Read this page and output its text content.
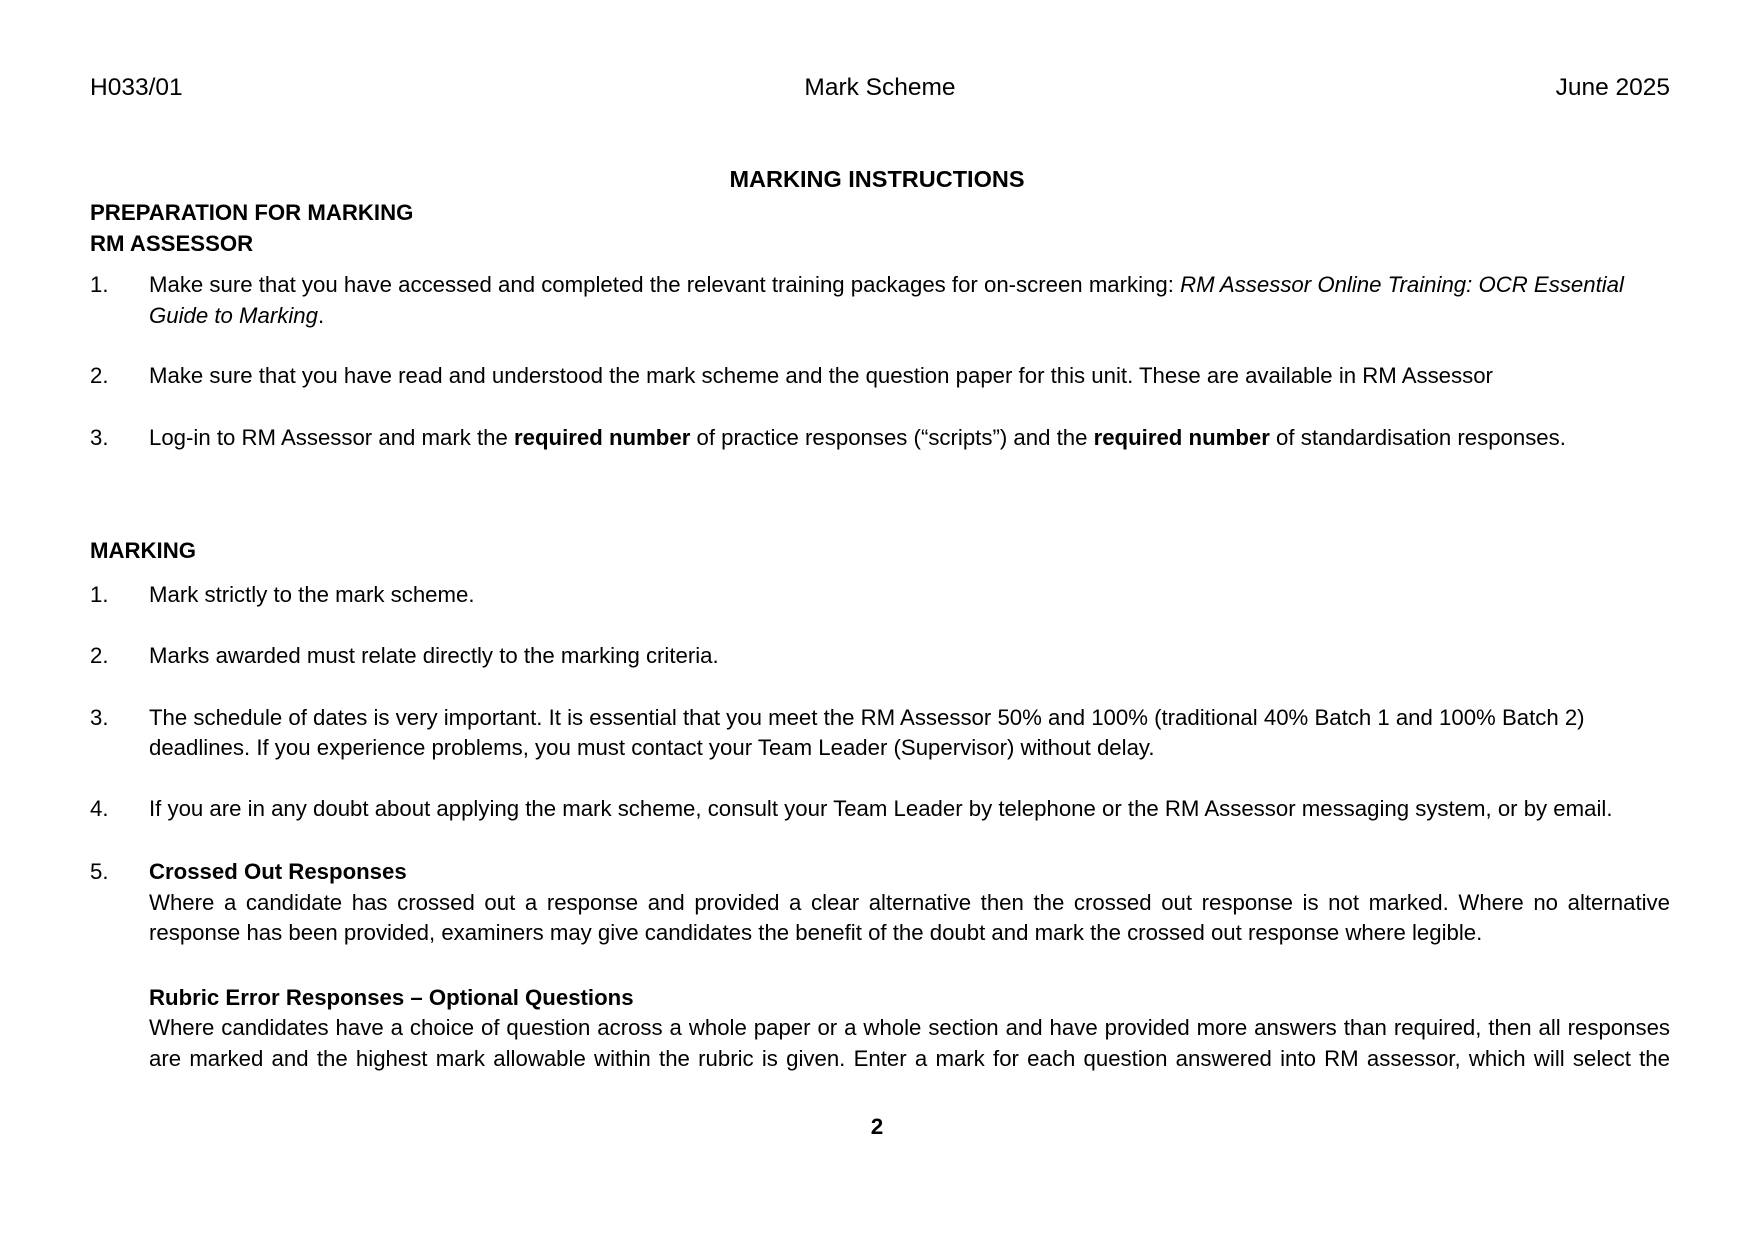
H033/01	Mark Scheme	June 2025
MARKING INSTRUCTIONS

PREPARATION FOR MARKING

RM ASSESSOR

1. Make sure that you have accessed and completed the relevant training packages for on-screen marking: RM Assessor Online Training: OCR Essential Guide to Marking.
2. Make sure that you have read and understood the mark scheme and the question paper for this unit. These are available in RM Assessor
3. Log-in to RM Assessor and mark the required number of practice responses (“scripts”) and the required number of standardisation responses.

MARKING

1. Mark strictly to the mark scheme.
2. Marks awarded must relate directly to the marking criteria.
3. The schedule of dates is very important. It is essential that you meet the RM Assessor 50% and 100% (traditional 40% Batch 1 and 100% Batch 2) deadlines. If you experience problems, you must contact your Team Leader (Supervisor) without delay.
4. If you are in any doubt about applying the mark scheme, consult your Team Leader by telephone or the RM Assessor messaging system, or by email.
5. Crossed Out Responses
Where a candidate has crossed out a response and provided a clear alternative then the crossed out response is not marked. Where no alternative response has been provided, examiners may give candidates the benefit of the doubt and mark the crossed out response where legible.
Rubric Error Responses – Optional Questions
Where candidates have a choice of question across a whole paper or a whole section and have provided more answers than required, then all responses are marked and the highest mark allowable within the rubric is given. Enter a mark for each question answered into RM assessor, which will select the
2
